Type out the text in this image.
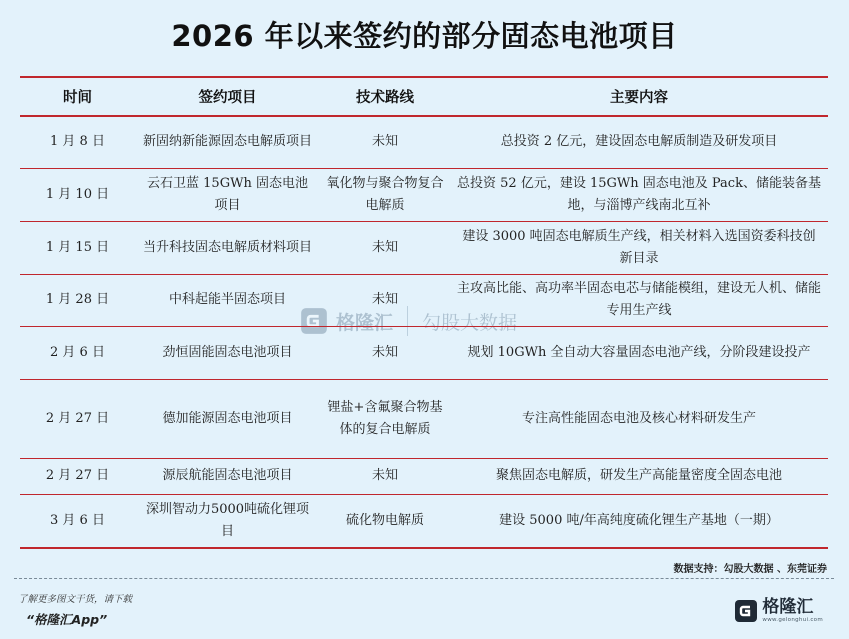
2026 年以来签约的部分固态电池项目
格隆汇 勾股大数据
时间	签约项目	技术路线	主要内容
1 月 8 日	新固纳新能源固态电解质项目	未知	总投资 2 亿元，建设固态电解质制造及研发项目
1 月 10 日	云石卫蓝 15GWh 固态电池项目	氧化物与聚合物复合电解质	总投资 52 亿元，建设 15GWh 固态电池及 Pack、储能装备基地，与淄博产线南北互补
1 月 15 日	当升科技固态电解质材料项目	未知	建设 3000 吨固态电解质生产线，相关材料入选国资委科技创新目录
1 月 28 日	中科起能半固态项目	未知	主攻高比能、高功率半固态电芯与储能模组，建设无人机、储能专用生产线
2 月 6 日	劲恒固能固态电池项目	未知	规划 10GWh 全自动大容量固态电池产线，分阶段建设投产
2 月 27 日	德加能源固态电池项目	锂盐+含氟聚合物基体的复合电解质	专注高性能固态电池及核心材料研发生产
2 月 27 日	源辰航能固态电池项目	未知	聚焦固态电解质，研发生产高能量密度全固态电池
3 月 6 日	深圳智动力5000吨硫化锂项目	硫化物电解质	建设 5000 吨/年高纯度硫化锂生产基地（一期）
数据支持：勾股大数据 、东莞证券
了解更多图文干货，请下载
“格隆汇App”
格隆汇
www.gelonghui.com
